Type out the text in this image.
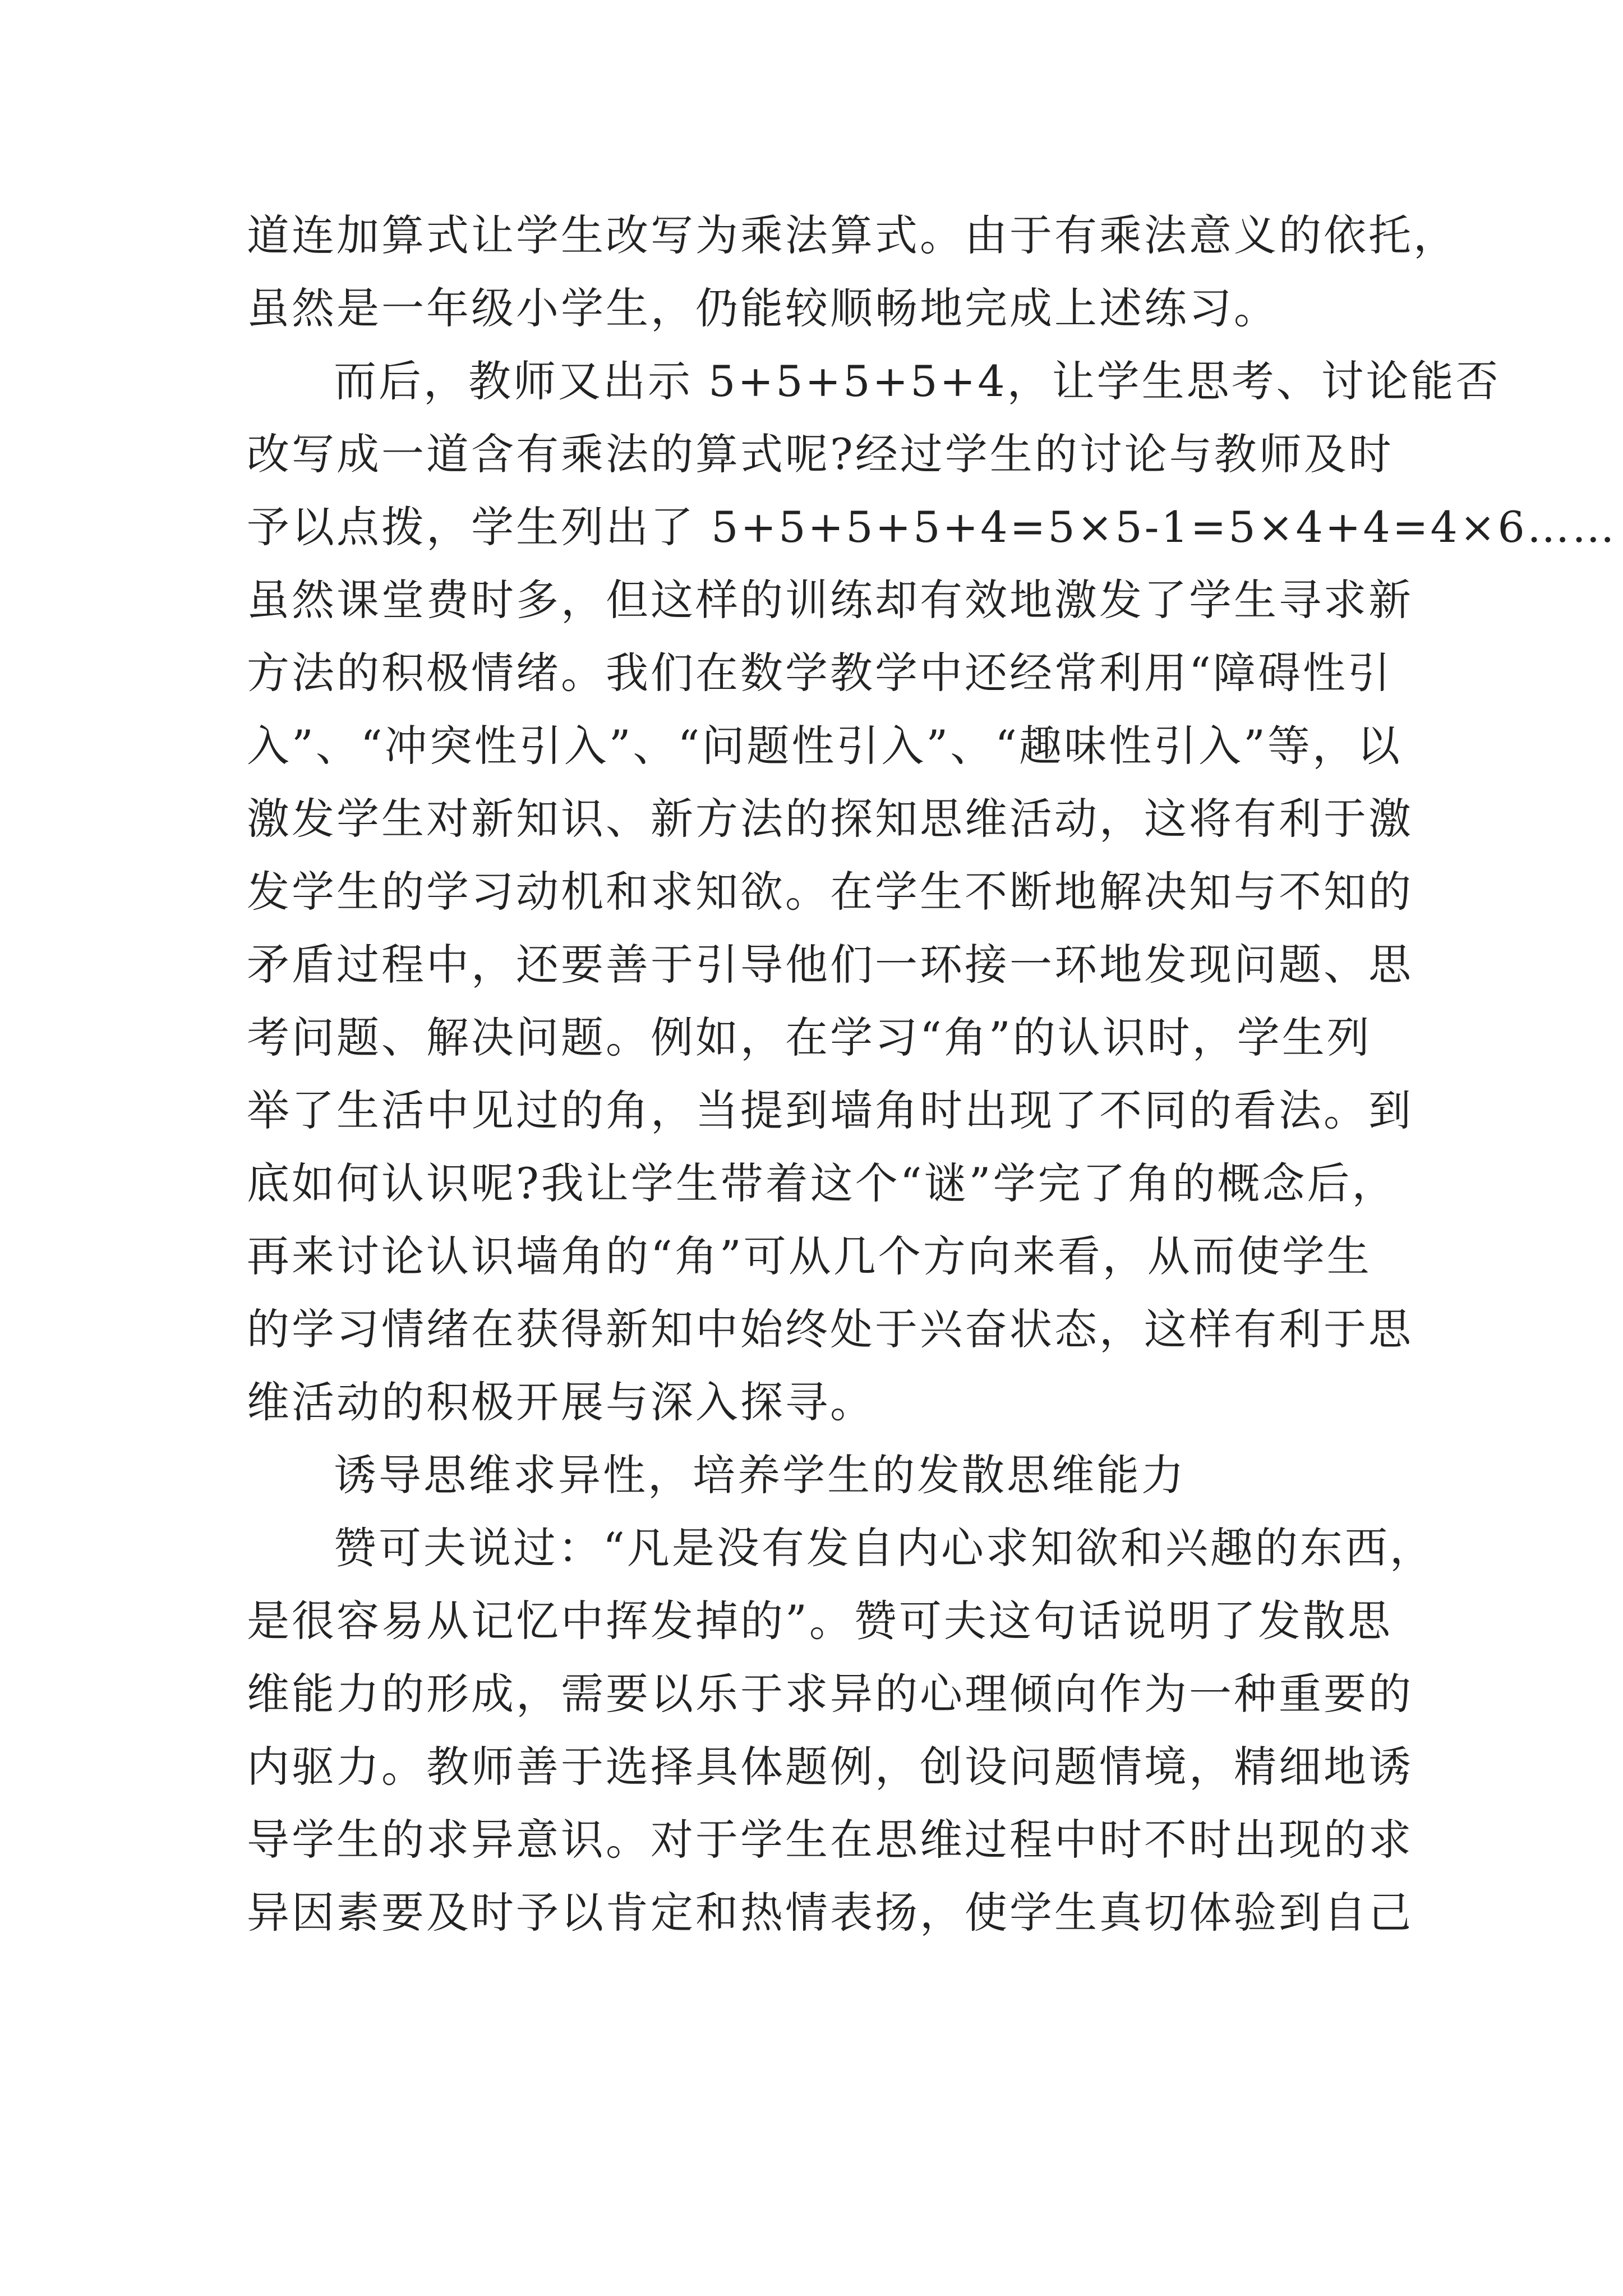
道连加算式让学生改写为乘法算式。由于有乘法意义的依托，
虽然是一年级小学生，仍能较顺畅地完成上述练习。
而后，教师又出示 5+5+5+5+4，让学生思考、讨论能否
改写成一道含有乘法的算式呢?经过学生的讨论与教师及时
予以点拨，学生列出了 5+5+5+5+4=5×5-1=5×4+4=4×6……
虽然课堂费时多，但这样的训练却有效地激发了学生寻求新
方法的积极情绪。我们在数学教学中还经常利用“障碍性引
入”、“冲突性引入”、“问题性引入”、“趣味性引入”等，以
激发学生对新知识、新方法的探知思维活动，这将有利于激
发学生的学习动机和求知欲。在学生不断地解决知与不知的
矛盾过程中，还要善于引导他们一环接一环地发现问题、思
考问题、解决问题。例如，在学习“角”的认识时，学生列
举了生活中见过的角，当提到墙角时出现了不同的看法。到
底如何认识呢?我让学生带着这个“谜”学完了角的概念后，
再来讨论认识墙角的“角”可从几个方向来看，从而使学生
的学习情绪在获得新知中始终处于兴奋状态，这样有利于思
维活动的积极开展与深入探寻。
诱导思维求异性，培养学生的发散思维能力
赞可夫说过：“凡是没有发自内心求知欲和兴趣的东西，
是很容易从记忆中挥发掉的”。赞可夫这句话说明了发散思
维能力的形成，需要以乐于求异的心理倾向作为一种重要的
内驱力。教师善于选择具体题例，创设问题情境，精细地诱
导学生的求异意识。对于学生在思维过程中时不时出现的求
异因素要及时予以肯定和热情表扬，使学生真切体验到自己
